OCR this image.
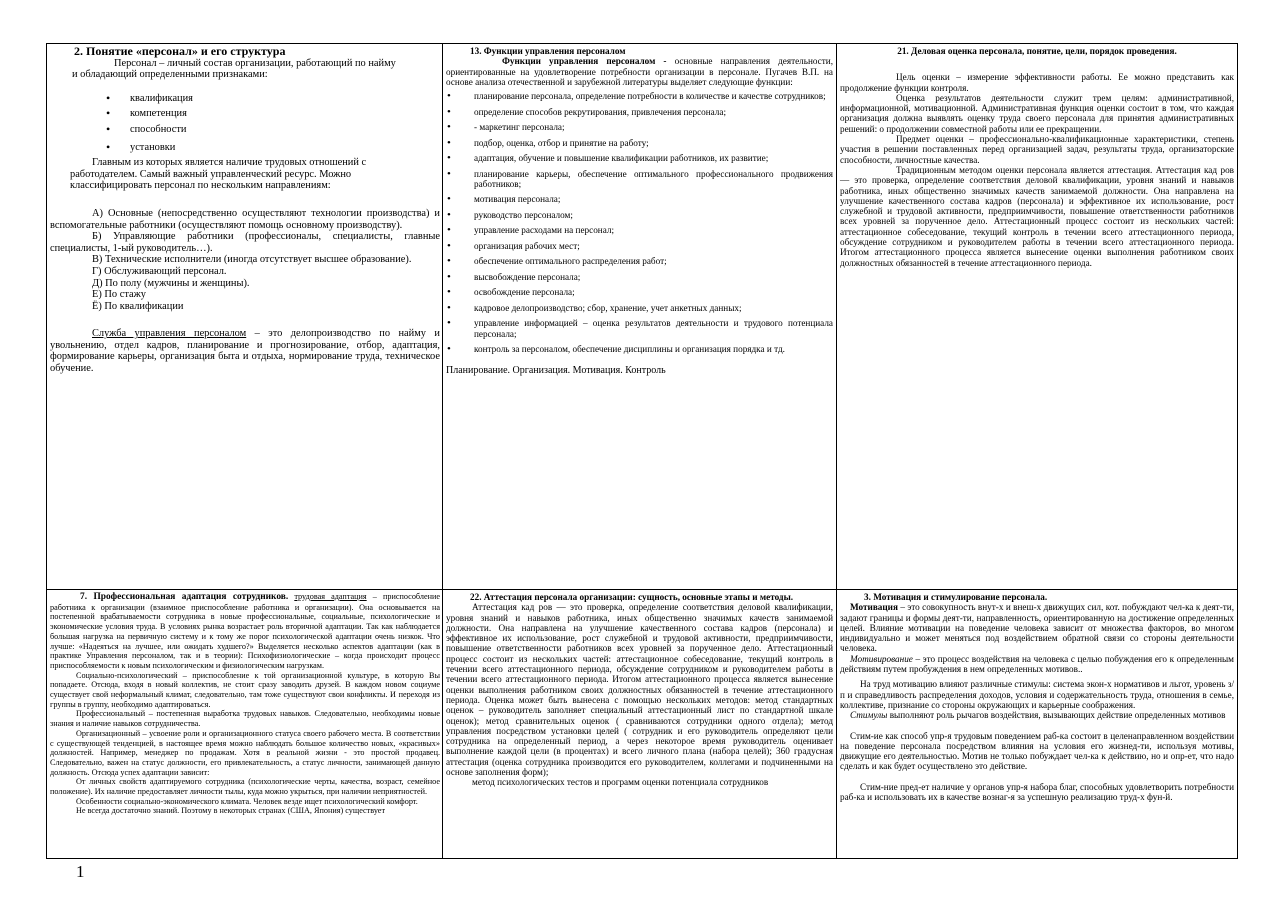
2. Понятие «персонал» и его структура

Персонал – личный состав организации, работающий по найму и обладающий определенными признаками:

• квалификация
• компетенция
• способности
• установки

Главным из которых является наличие трудовых отношений с работодателем. Самый важный управленческий ресурс. Можно классифицировать персонал по нескольким направлениям:

А) Основные (непосредственно осуществляют технологии производства) и вспомогательные работники (осуществляют помощь основному производству).

Б) Управляющие работники (профессионалы, специалисты, главные специалисты, 1-ый руководитель…).

В) Технические исполнители (иногда отсутствует высшее образование).

Г) Обслуживающий персонал.

Д) По полу (мужчины и женщины).

Е) По стажу

Ё) По квалификации

Служба управления персоналом – это делопроизводство по найму и увольнению, отдел кадров, планирование и прогнозирование, отбор, адаптация, формирование карьеры, организация быта и отдыха, нормирование труда, техническое обучение.

13. Функции управления персоналом

Функции управления персоналом - основные направления деятельности, ориентированные на удовлетворение потребности организации в персонале. Пугачев В.П. на основе анализа отечественной и зарубежной литературы выделяет следующие функции:

• планирование персонала, определение потребности в количестве и качестве сотрудников;
• определение способов рекрутирования, привлечения персонала;
• - маркетинг персонала;
• подбор, оценка, отбор и принятие на работу;
• адаптация, обучение и повышение квалификации работников, их развитие;
• планирование карьеры, обеспечение оптимального профессионального продвижения работников;
• мотивация персонала;
• руководство персоналом;
• управление расходами на персонал;
• организация рабочих мест;
• обеспечение оптимального распределения работ;
• высвобождение персонала;
• освобождение персонала;
• кадровое делопроизводство; сбор, хранение, учет анкетных данных;
• управление информацией – оценка результатов деятельности и трудового потенциала персонала;
• контроль за персоналом, обеспечение дисциплины и организация порядка и тд.

Планирование. Организация. Мотивация. Контроль

21. Деловая оценка персонала, понятие, цели, порядок проведения.

Цель оценки – измерение эффективности работы. Ее можно представить как продолжение функции контроля.

Оценка результатов деятельности служит трем целям: административной, информационной, мотивационной. Административная функция оценки состоит в том, что каждая организация должна выявлять оценку труда своего персонала для принятия административных решений: о продолжении совместной работы или ее прекращении.

Предмет оценки – профессионально-квалификационные характеристики, степень участия в решении поставленных перед организацией задач, результаты труда, организаторские способности, личностные качества.

Традиционным методом оценки персонала является аттестация. Аттестация кад ров — это проверка, определение соответствия деловой квалификации, уровня знаний и навыков работника, иных общественно значимых качеств занимаемой должности. Она направлена на улучшение качественного состава кадров (персонала) и эффективное их использование, рост служебной и трудовой активности, предприимчивости, повышение ответственности работников всех уровней за порученное дело. Аттестационный процесс состоит из нескольких частей: аттестационное собеседование, текущий контроль в течении всего аттестационного периода, обсуждение сотрудником и руководителем работы в течении всего аттестационного периода. Итогом аттестационного процесса является вынесение оценки выполнения работником своих должностных обязанностей в течение аттестационного периода.

7. Профессиональная адаптация сотрудников. трудовая адаптация – приспособление работника к организации (взаимное приспособление работника и организации). Она основывается на постепенной врабатываемости сотрудника в новые профессиональные, социальные, психологические и экономические условия труда. В условиях рынка возрастает роль вторичной адаптации. Так как наблюдается большая нагрузка на первичную систему и к тому же порог психологической адаптации очень низкок. Что лучше: «Надеяться на лучшее, или ожидать худшего?» Выделяется несколько аспектов адаптации (как в практике Управления персоналом, так и в теории): Психофизиологические – когда происходит процесс приспособляемости к новым психологическим и физиологическим нагрузкам.

Социально-психологический – приспособление к той организационной культуре, в которую Вы попадаете. Отсюда, входя в новый коллектив, не стоит сразу заводить друзей. В каждом новом социуме существует свой неформальный климат, следовательно, там тоже существуют свои конфликты. И переходя из группы в группу, необходимо адаптироваться.

Профессиональный – постепенная выработка трудовых навыков. Следовательно, необходимы новые знания и наличие навыков сотрудничества.

Организационный – усвоение роли и организационного статуса своего рабочего места. В соответствии с существующей тенденцией, в настоящее время можно наблюдать большое количество новых, «красивых» должностей. Например, менеджер по продажам. Хотя в реальной жизни - это простой продавец. Следовательно, важен на статус должности, его привлекательность, а статус личности, занимающей данную должность. Отсюда успех адаптации зависит:

От личных свойств адаптируемого сотрудника (психологические черты, качества, возраст, семейное положение). Их наличие предоставляет личности тылы, куда можно укрыться, при наличии неприятностей.

Особенности социально-экономического климата. Человек везде ищет психологический комфорт.

Не всегда достаточно знаний. Поэтому в некоторых странах (США, Япония) существует

22. Аттестация персонала организации: сущность, основные этапы и методы.

Аттестация кад ров — это проверка, определение соответствия деловой квалификации, уровня знаний и навыков работника, иных общественно значимых качеств занимаемой должности. Она направлена на улучшение качественного состава кадров (персонала) и эффективное их использование, рост служебной и трудовой активности, предприимчивости, повышение ответственности работников всех уровней за порученное дело. Аттестационный процесс состоит из нескольких частей: аттестационное собеседование, текущий контроль в течении всего аттестационного периода, обсуждение сотрудником и руководителем работы в течении всего аттестационного периода. Итогом аттестационного процесса является вынесение оценки выполнения работником своих должностных обязанностей в течение аттестационного периода. Оценка может быть вынесена с помощью нескольких методов: метод стандартных оценок – руководитель заполняет специальный аттестационный лист по стандартной шкале оценок); метод сравнительных оценок ( сравниваются сотрудники одного отдела); метод управления посредством установки целей ( сотрудник и его руководитель определяют цели сотрудника на определенный период, а через некоторое время руководитель оценивает выполнение каждой цели (в процентах) и всего личного плана (набора целей); 360 градусная аттестация (оценка сотрудника производится его руководителем, коллегами и подчиненными на основе заполнения форм);

метод психологических тестов и программ оценки потенциала сотрудников

3. Мотивация и стимулирование персонала.

Мотивация – это совокупность внут-х и внеш-х движущих сил, кот. побуждают чел-ка к деят-ти, задают границы и формы деят-ти, направленность, ориентированную на достижение определенных целей. Влияние мотивации на поведение человека зависит от множества факторов, во многом индивидуально и может меняться под воздействием обратной связи со стороны деятельности человека.

Мотивирование – это процесс воздействия на человека с целью побуждения его к определенным действиям путем пробуждения в нем определенных мотивов..

На труд мотивацию влияют различные стимулы: система экон-х нормативов и льгот, уровень з/п и справедливость распределения доходов, условия и содержательность труда, отношения в семье, коллективе, признание со стороны окружающих и карьерные соображения.

Стимулы выполняют роль рычагов воздействия, вызывающих действие определенных мотивов

Стим-ие как способ упр-я трудовым поведением раб-ка состоит в целенаправленном воздействии на поведение персонала посредством влияния на условия его жизнед-ти, используя мотивы, движущие его деятельностью. Мотив не только побуждает чел-ка к действию, но и опр-ет, что надо сделать и как будет осуществлено это действие.

Стим-ние пред-ет наличие у органов упр-я набора благ, способных удовлетворить потребности раб-ка и использовать их в качестве вознаг-я за успешную реализацию труд-х фун-й.

1
